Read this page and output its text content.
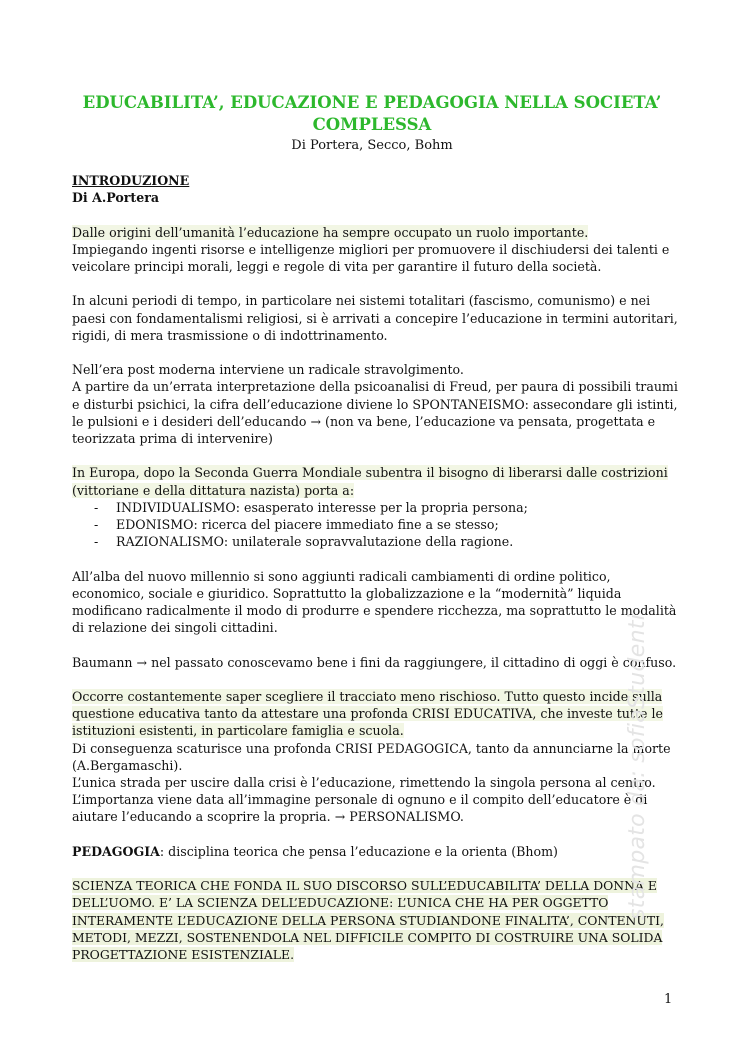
EDUCABILITA’, EDUCAZIONE E PEDAGOGIA NELLA SOCIETA’
COMPLESSA
Di Portera, Secco, Bohm

INTRODUZIONE

Di A.Portera

Dalle origini dell’umanità l’educazione ha sempre occupato un ruolo importante.

Impiegando ingenti risorse e intelligenze migliori per promuovere il dischiudersi dei talenti e veicolare principi morali, leggi e regole di vita per garantire il futuro della società.

In alcuni periodi di tempo, in particolare nei sistemi totalitari (fascismo, comunismo) e nei paesi con fondamentalismi religiosi, si è arrivati a concepire l’educazione in termini autoritari, rigidi, di mera trasmissione o di indottrinamento.

Nell’era post moderna interviene un radicale stravolgimento.

A partire da un’errata interpretazione della psicoanalisi di Freud, per paura di possibili traumi e disturbi psichici, la cifra dell’educazione diviene lo SPONTANEISMO: assecondare gli istinti, le pulsioni e i desideri dell’educando → (non va bene, l’educazione va pensata, progettata e teorizzata prima di intervenire)

In Europa, dopo la Seconda Guerra Mondiale subentra il bisogno di liberarsi dalle costrizioni (vittoriane e della dittatura nazista) porta a:

- INDIVIDUALISMO: esasperato interesse per la propria persona;
- EDONISMO: ricerca del piacere immediato fine a se stesso;
- RAZIONALISMO: unilaterale sopravvalutazione della ragione.

All’alba del nuovo millennio si sono aggiunti radicali cambiamenti di ordine politico, economico, sociale e giuridico. Soprattutto la globalizzazione e la “modernità” liquida modificano radicalmente il modo di produrre e spendere ricchezza, ma soprattutto le modalità di relazione dei singoli cittadini.

Baumann → nel passato conoscevamo bene i fini da raggiungere, il cittadino di oggi è confuso.

Occorre costantemente saper scegliere il tracciato meno rischioso. Tutto questo incide sulla questione educativa tanto da attestare una profonda CRISI EDUCATIVA, che investe tutte le istituzioni esistenti, in particolare famiglia e scuola.

Di conseguenza scaturisce una profonda CRISI PEDAGOGICA, tanto da annunciarne la morte (A.Bergamaschi).

L’unica strada per uscire dalla crisi è l’educazione, rimettendo la singola persona al centro.

L’importanza viene data all’immagine personale di ognuno e il compito dell’educatore è di aiutare l’educando a scoprire la propria. → PERSONALISMO.

PEDAGOGIA: disciplina teorica che pensa l’educazione e la orienta (Bhom)

SCIENZA TEORICA CHE FONDA IL SUO DISCORSO SULL’EDUCABILITA’ DELLA DONNA E DELL’UOMO. E’ LA SCIENZA DELL’EDUCAZIONE: L’UNICA CHE HA PER OGGETTO INTERAMENTE L’EDUCAZIONE DELLA PERSONA STUDIANDONE FINALITA’, CONTENUTI, METODI, MEZZI, SOSTENENDOLA NEL DIFFICILE COMPITO DI COSTRUIRE UNA SOLIDA PROGETTAZIONE ESISTENZIALE.

stampato da: sofiaStudenti
1
